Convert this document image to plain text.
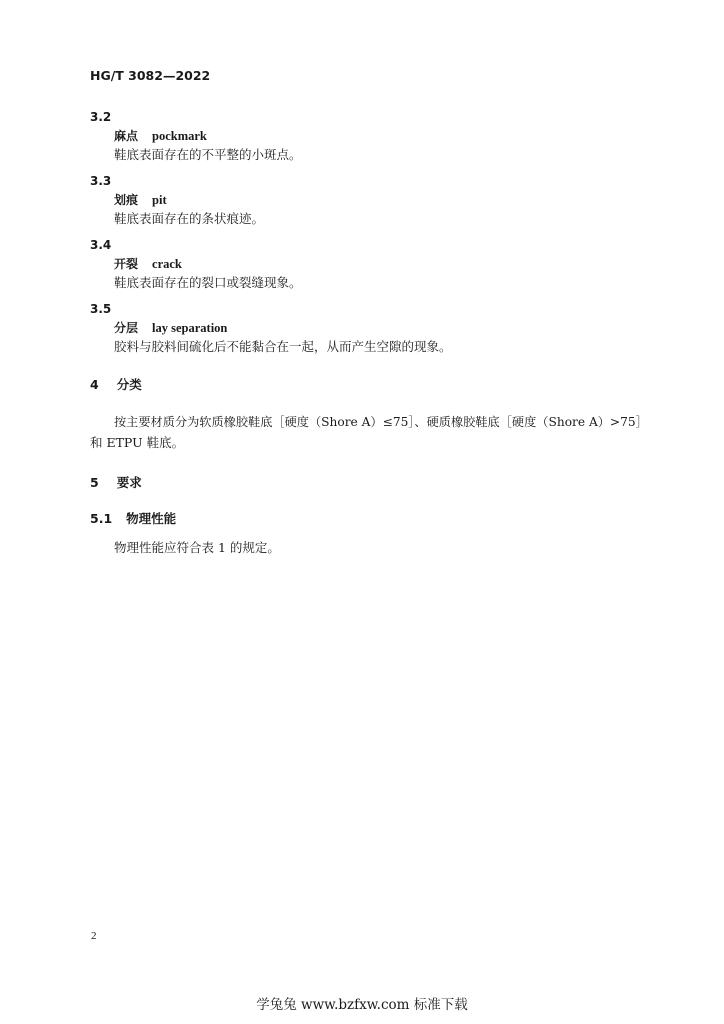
HG/T 3082—2022
3.2
麻点 pockmark
鞋底表面存在的不平整的小斑点。
3.3
划痕 pit
鞋底表面存在的条状痕迹。
3.4
开裂 crack
鞋底表面存在的裂口或裂缝现象。
3.5
分层 lay separation
胶料与胶料间硫化后不能黏合在一起，从而产生空隙的现象。
4 分类
按主要材质分为软质橡胶鞋底［硬度（Shore A）≤75］、硬质橡胶鞋底［硬度（Shore A）>75］
和 ETPU 鞋底。
5 要求
5.1 物理性能
物理性能应符合表 1 的规定。
2
学兔兔 www.bzfxw.com 标准下载
